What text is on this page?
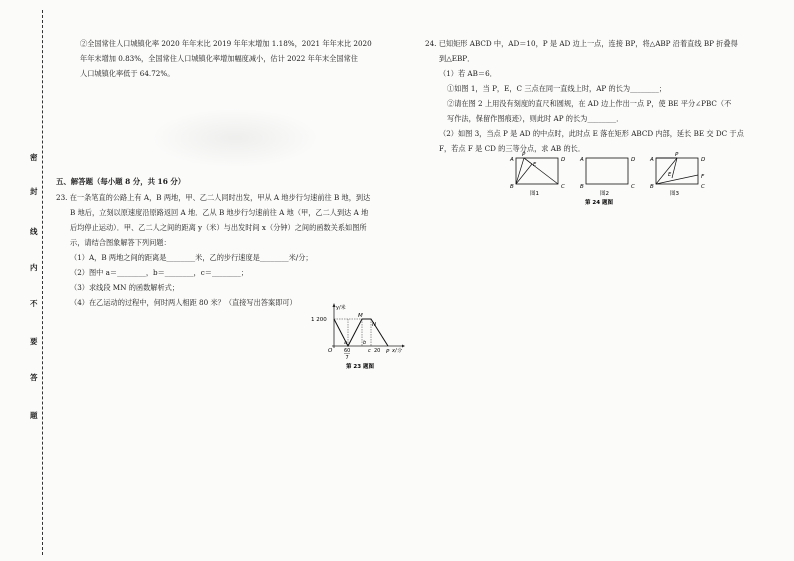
密
封
线
内
不
要
答
题
②全国常住人口城镇化率 2020 年年末比 2019 年年末增加 1.18%，2021 年年末比 2020
年年末增加 0.83%，全国常住人口城镇化率增加幅度减小，估计 2022 年年末全国常住
人口城镇化率低于 64.72%。
五、解答题（每小题 8 分，共 16 分）
23. 在一条笔直的公路上有 A，B 两地，甲、乙二人同时出发，甲从 A 地步行匀速前往 B 地，到达
B 地后，立刻以原速度沿原路返回 A 地．乙从 B 地步行匀速前往 A 地（甲，乙二人到达 A 地
后均停止运动）．甲、乙二人之间的距离 y（米）与出发时间 x（分钟）之间的函数关系如图所
示，请结合图象解答下列问题：
（1）A，B 两地之间的距离是________米，乙的步行速度是________米/分；
（2）图中 a＝________，b＝________，c＝________；
（3）求线段 MN 的函数解析式；
（4）在乙运动的过程中，何时两人相距 80 米？（直接写出答案即可）
1 200
y/米
O
M
N
P
a	b
c
60
7
20 x/分
第 23 题图
24. 已知矩形 ABCD 中，AD＝10，P 是 AD 边上一点，连接 BP，将△ABP 沿着直线 BP 折叠得
到△EBP．
（1）若 AB＝6．
①如图 1，当 P，E，C 三点在同一直线上时，AP 的长为________；
②请在图 2 上用没有刻度的直尺和圆规，在 AD 边上作出一点 P，使 BE 平分∠PBC（不
写作法，保留作图痕迹），则此时 AP 的长为________．
（2）如图 3，当点 P 是 AD 的中点时，此时点 E 落在矩形 ABCD 内部，延长 BE 交 DC 于点
F，若点 F 是 CD 的三等分点，求 AB 的长．
A
P
D
E
B	C
图1
A	D
B	C
图2
A
P
D
E	F
B	C
图3
第 24 题图
